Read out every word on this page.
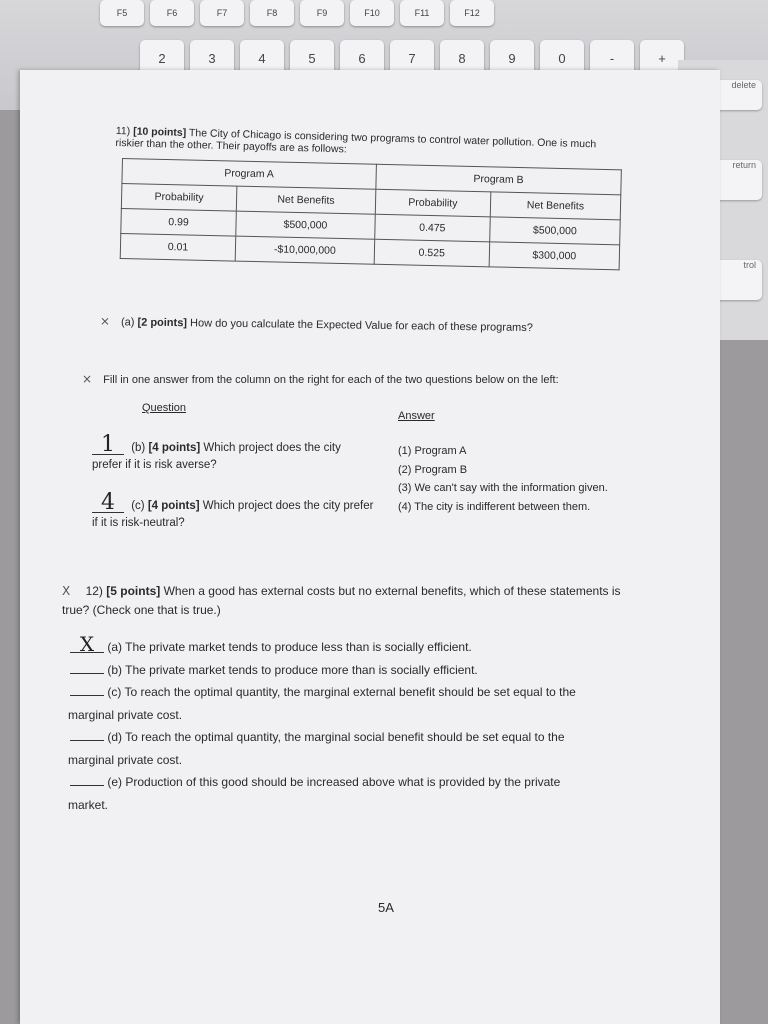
F5	F6	F7	F8	F9	F10	F11	F12
2	3	4	5	6	7	8	9	0	-	+
delete
return
trol
11) [10 points] The City of Chicago is considering two programs to control water pollution. One is much riskier than the other. Their payoffs are as follows:
Program A		Program B	
Probability	Net Benefits	Probability	Net Benefits
0.99	$500,000	0.475	$500,000
0.01	-$10,000,000	0.525	$300,000
× (a) [2 points] How do you calculate the Expected Value for each of these programs?
× Fill in one answer from the column on the right for each of the two questions below on the left:
Question
Answer
1 (b) [4 points] Which project does the city prefer if it is risk averse?
4 (c) [4 points] Which project does the city prefer if it is risk-neutral?
(1) Program A
(2) Program B
(3) We can't say with the information given.
(4) The city is indifferent between them.
X 12) [5 points] When a good has external costs but no external benefits, which of these statements is true? (Check one that is true.)
X (a) The private market tends to produce less than is socially efficient.
(b) The private market tends to produce more than is socially efficient.
(c) To reach the optimal quantity, the marginal external benefit should be set equal to the
marginal private cost.
(d) To reach the optimal quantity, the marginal social benefit should be set equal to the
marginal private cost.
(e) Production of this good should be increased above what is provided by the private
market.
5A
